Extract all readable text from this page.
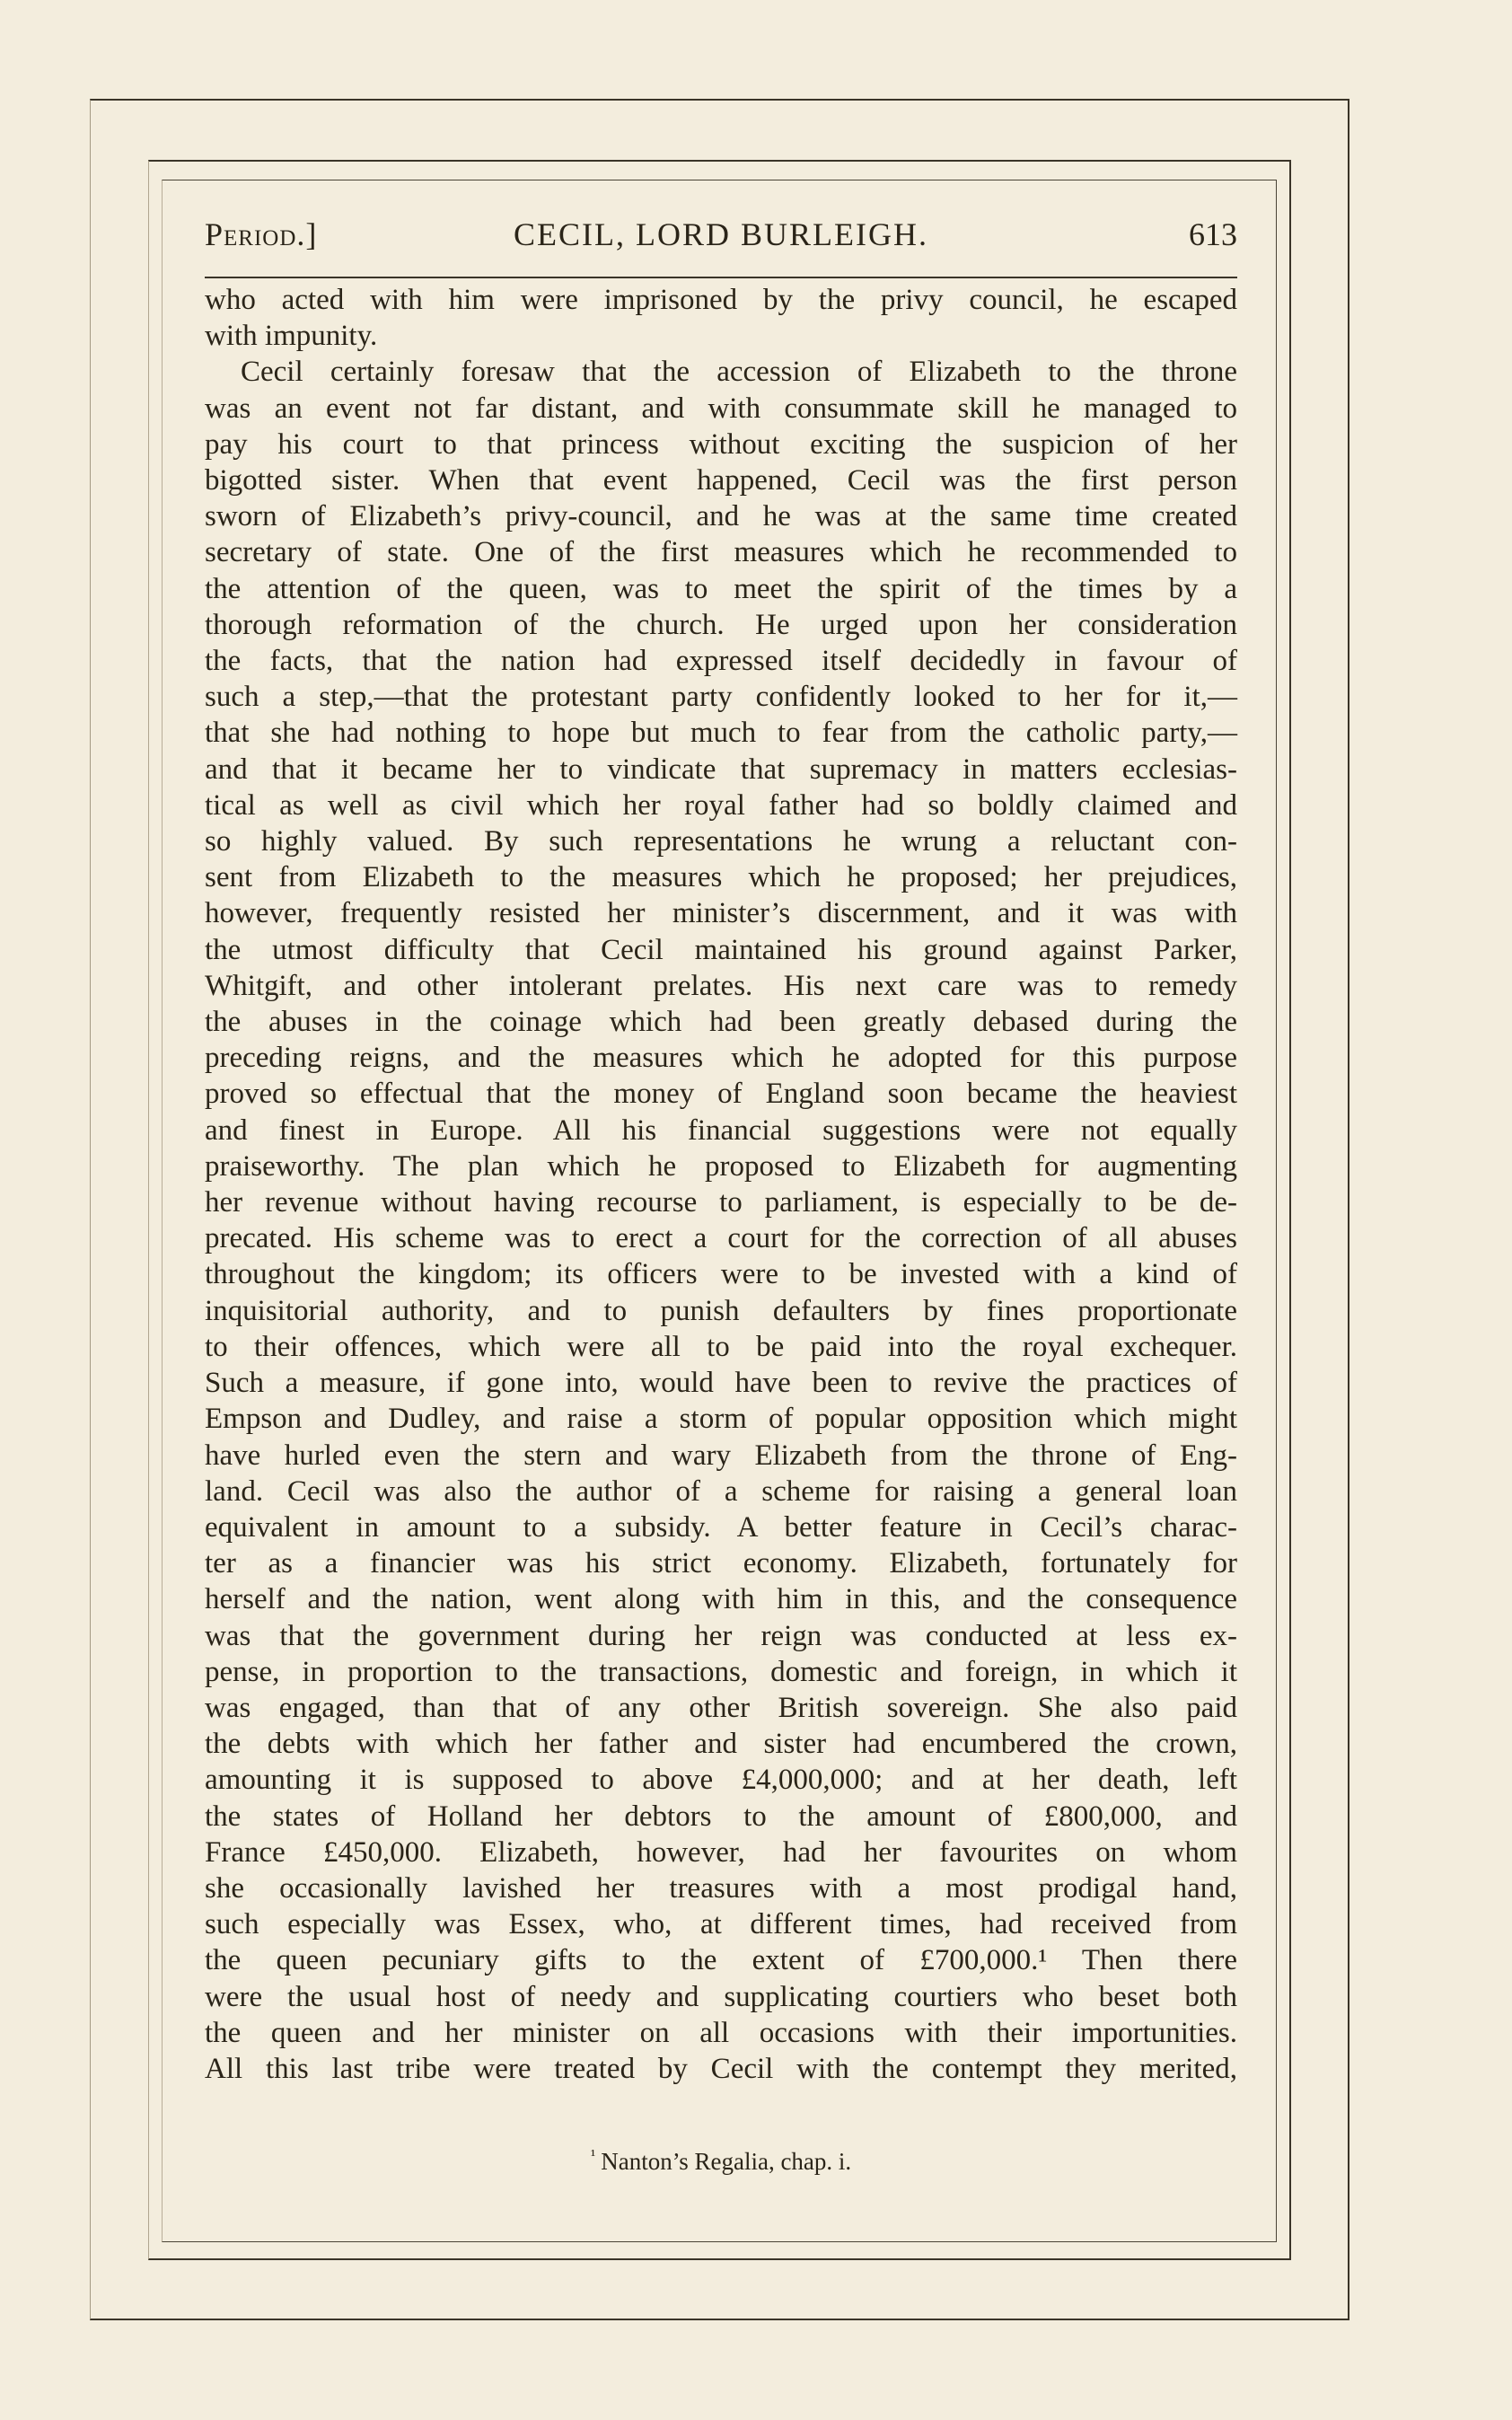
Period.]	CECIL, LORD BURLEIGH.	613
who acted with him were imprisoned by the privy council, he escaped
with impunity.
Cecil certainly foresaw that the accession of Elizabeth to the throne
was an event not far distant, and with consummate skill he managed to
pay his court to that princess without exciting the suspicion of her
bigotted sister. When that event happened, Cecil was the first person
sworn of Elizabeth’s privy-council, and he was at the same time created
secretary of state. One of the first measures which he recommended to
the attention of the queen, was to meet the spirit of the times by a
thorough reformation of the church. He urged upon her consideration
the facts, that the nation had expressed itself decidedly in favour of
such a step,—that the protestant party confidently looked to her for it,—
that she had nothing to hope but much to fear from the catholic party,—
and that it became her to vindicate that supremacy in matters ecclesias-
tical as well as civil which her royal father had so boldly claimed and
so highly valued. By such representations he wrung a reluctant con-
sent from Elizabeth to the measures which he proposed; her prejudices,
however, frequently resisted her minister’s discernment, and it was with
the utmost difficulty that Cecil maintained his ground against Parker,
Whitgift, and other intolerant prelates. His next care was to remedy
the abuses in the coinage which had been greatly debased during the
preceding reigns, and the measures which he adopted for this purpose
proved so effectual that the money of England soon became the heaviest
and finest in Europe. All his financial suggestions were not equally
praiseworthy. The plan which he proposed to Elizabeth for augmenting
her revenue without having recourse to parliament, is especially to be de-
precated. His scheme was to erect a court for the correction of all abuses
throughout the kingdom; its officers were to be invested with a kind of
inquisitorial authority, and to punish defaulters by fines proportionate
to their offences, which were all to be paid into the royal exchequer.
Such a measure, if gone into, would have been to revive the practices of
Empson and Dudley, and raise a storm of popular opposition which might
have hurled even the stern and wary Elizabeth from the throne of Eng-
land. Cecil was also the author of a scheme for raising a general loan
equivalent in amount to a subsidy. A better feature in Cecil’s charac-
ter as a financier was his strict economy. Elizabeth, fortunately for
herself and the nation, went along with him in this, and the consequence
was that the government during her reign was conducted at less ex-
pense, in proportion to the transactions, domestic and foreign, in which it
was engaged, than that of any other British sovereign. She also paid
the debts with which her father and sister had encumbered the crown,
amounting it is supposed to above £4,000,000; and at her death, left
the states of Holland her debtors to the amount of £800,000, and
France £450,000. Elizabeth, however, had her favourites on whom
she occasionally lavished her treasures with a most prodigal hand,
such especially was Essex, who, at different times, had received from
the queen pecuniary gifts to the extent of £700,000.¹ Then there
were the usual host of needy and supplicating courtiers who beset both
the queen and her minister on all occasions with their importunities.
All this last tribe were treated by Cecil with the contempt they merited,
$^{^1}$ Nanton’s Regalia, chap. i.
